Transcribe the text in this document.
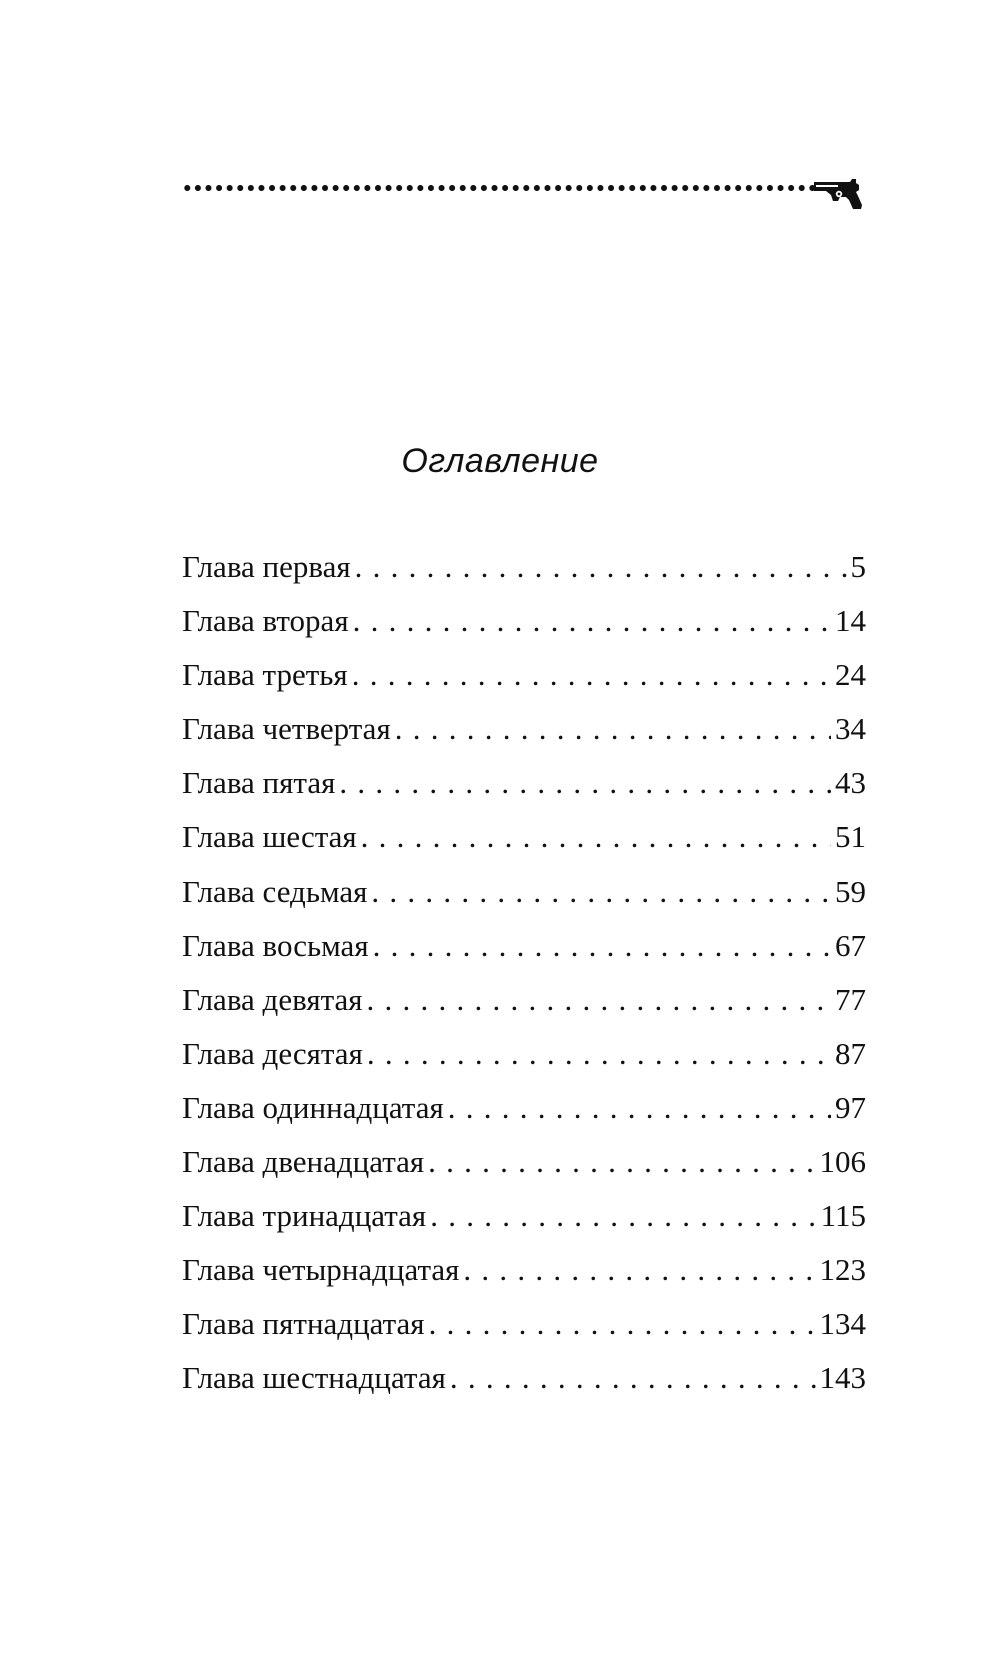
Оглавление
Глава первая . . .	5
Глава вторая . . .	14
Глава третья . . .	24
Глава четвертая . . .	34
Глава пятая . . .	43
Глава шестая . . .	51
Глава седьмая . . .	59
Глава восьмая . . .	67
Глава девятая . . .	77
Глава десятая . . .	87
Глава одиннадцатая . . .	97
Глава двенадцатая . . .	106
Глава тринадцатая . . .	115
Глава четырнадцатая . . .	123
Глава пятнадцатая . . .	134
Глава шестнадцатая . . .	143
